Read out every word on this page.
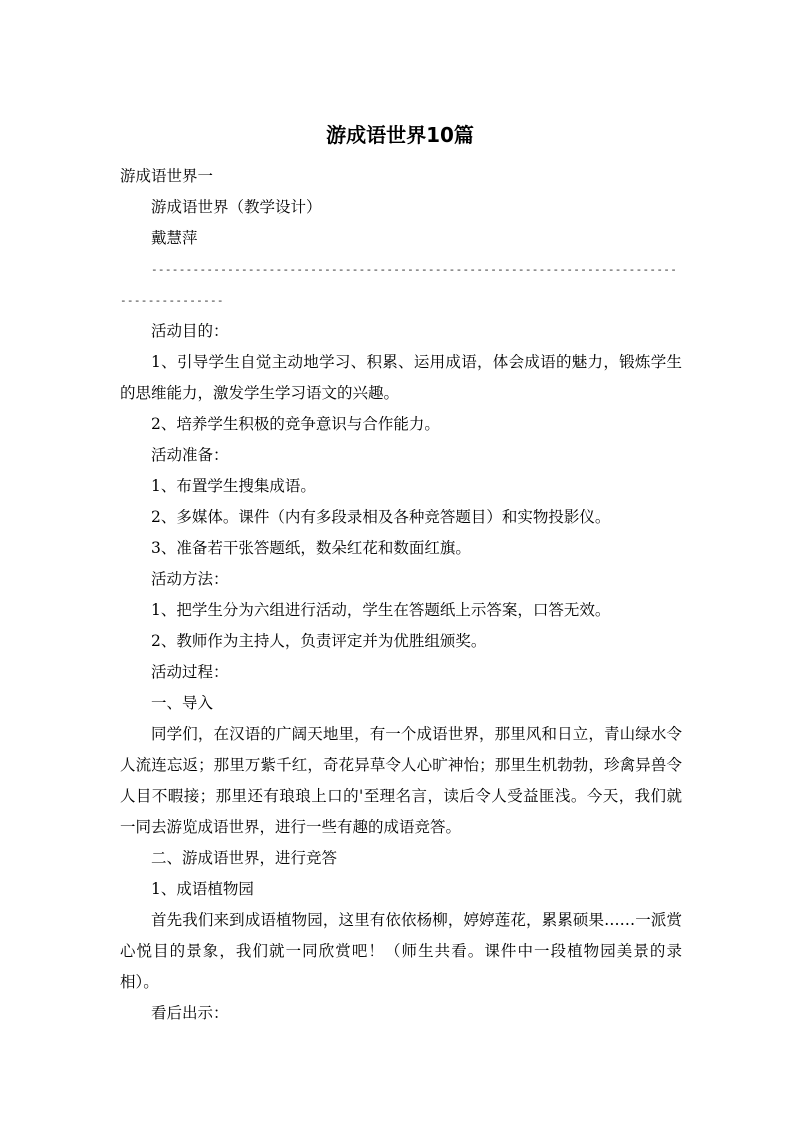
游成语世界10篇

游成语世界一

游成语世界（教学设计）

戴慧萍

-------------------------------------------------------------------------------------------

活动目的：

1、引导学生自觉主动地学习、积累、运用成语，体会成语的魅力，锻炼学生的思维能力，激发学生学习语文的兴趣。

2、培养学生积极的竞争意识与合作能力。

活动准备：

1、布置学生搜集成语。

2、多媒体。课件（内有多段录相及各种竞答题目）和实物投影仪。

3、准备若干张答题纸，数朵红花和数面红旗。

活动方法：

1、把学生分为六组进行活动，学生在答题纸上示答案，口答无效。

2、教师作为主持人，负责评定并为优胜组颁奖。

活动过程：

一、导入

同学们，在汉语的广阔天地里，有一个成语世界，那里风和日立，青山绿水令人流连忘返；那里万紫千红，奇花异草令人心旷神怡；那里生机勃勃，珍禽异兽令人目不暇接；那里还有琅琅上口的'至理名言，读后令人受益匪浅。今天，我们就一同去游览成语世界，进行一些有趣的成语竞答。

二、游成语世界，进行竞答

1、成语植物园

首先我们来到成语植物园，这里有依依杨柳，婷婷莲花，累累硕果……一派赏心悦目的景象，我们就一同欣赏吧！（师生共看。课件中一段植物园美景的录相）。

看后出示：
